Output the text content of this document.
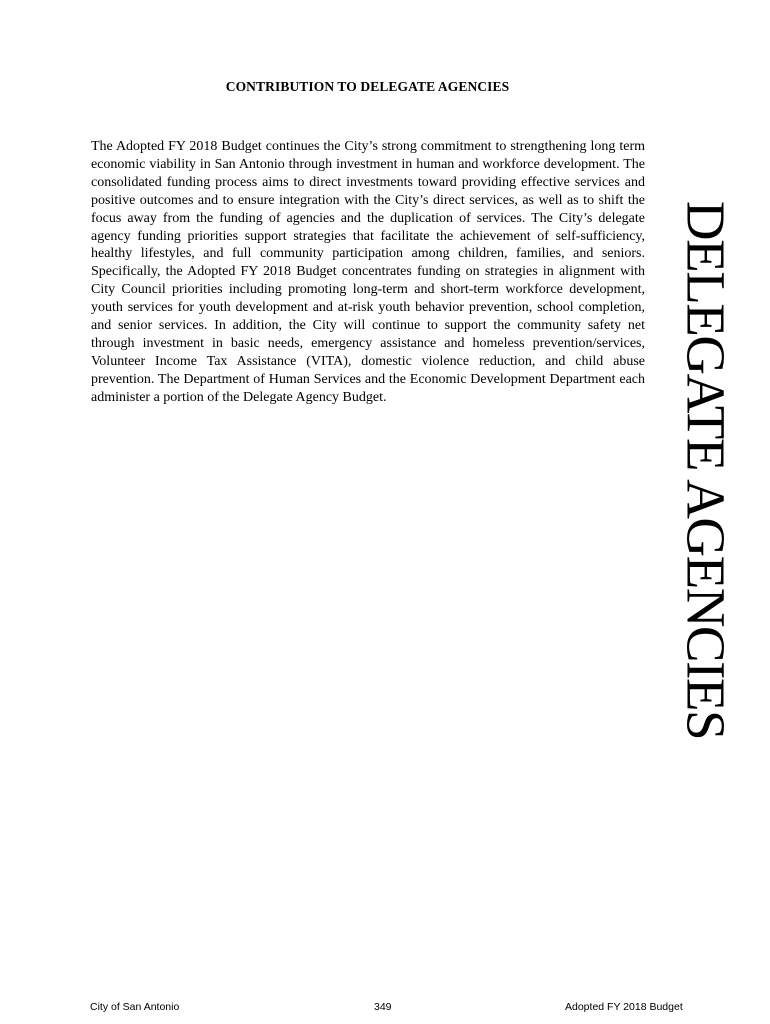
CONTRIBUTION TO DELEGATE AGENCIES

The Adopted FY 2018 Budget continues the City’s strong commitment to strengthening long term economic viability in San Antonio through investment in human and workforce development. The consolidated funding process aims to direct investments toward providing effective services and positive outcomes and to ensure integration with the City’s direct services, as well as to shift the focus away from the funding of agencies and the duplication of services. The City’s delegate agency funding priorities support strategies that facilitate the achievement of self-sufficiency, healthy lifestyles, and full community participation among children, families, and seniors. Specifically, the Adopted FY 2018 Budget concentrates funding on strategies in alignment with City Council priorities including promoting long-term and short-term workforce development, youth services for youth development and at-risk youth behavior prevention, school completion, and senior services. In addition, the City will continue to support the community safety net through investment in basic needs, emergency assistance and homeless prevention/services, Volunteer Income Tax Assistance (VITA), domestic violence reduction, and child abuse prevention. The Department of Human Services and the Economic Development Department each administer a portion of the Delegate Agency Budget.	DELEGATE AGENCIES
City of San Antonio	349	Adopted FY 2018 Budget
